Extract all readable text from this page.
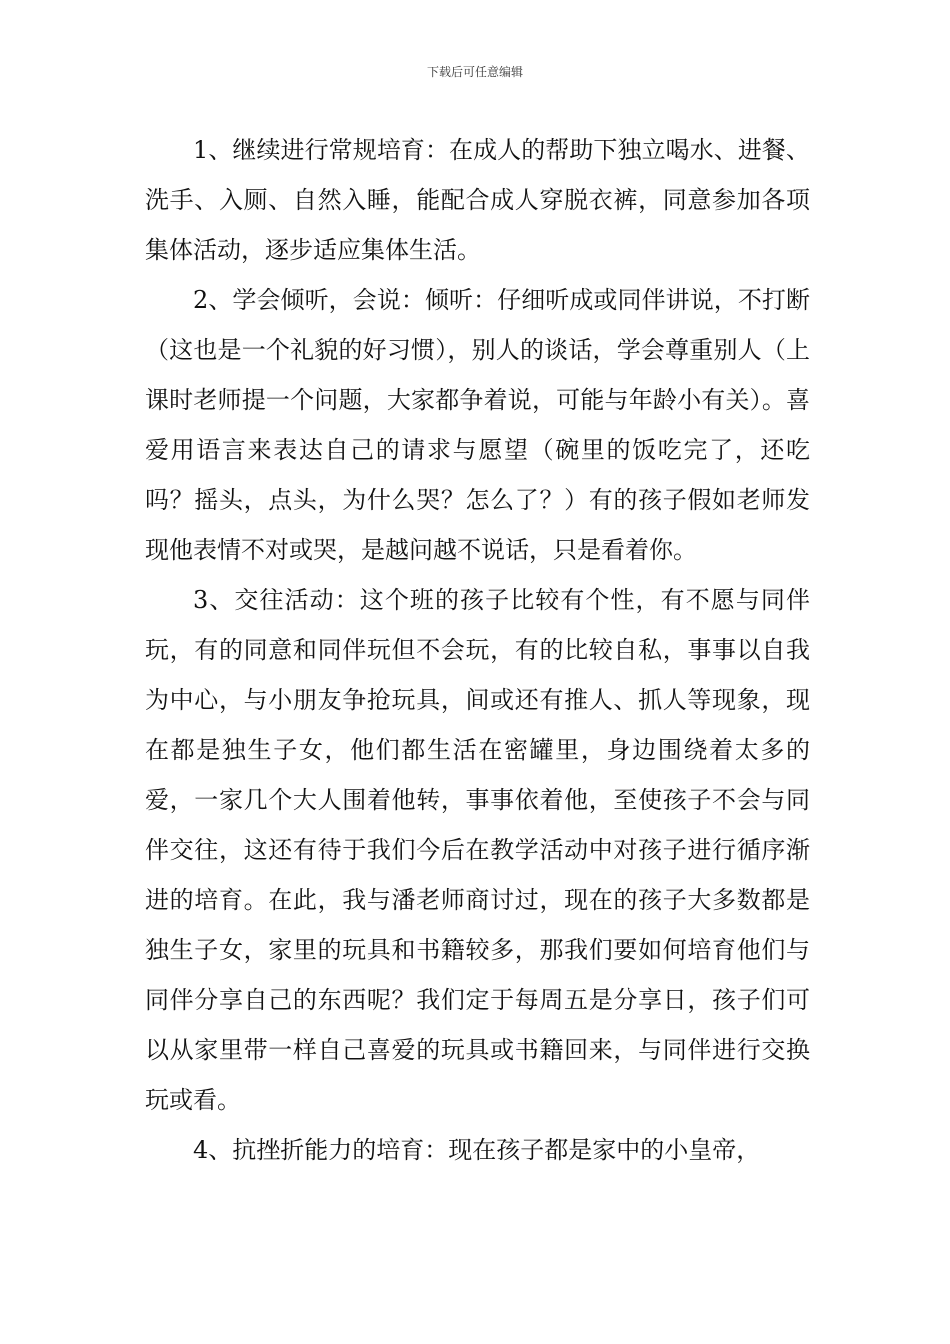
下载后可任意编辑

1、继续进行常规培育：在成人的帮助下独立喝水、进餐、洗手、入厕、自然入睡，能配合成人穿脱衣裤，同意参加各项集体活动，逐步适应集体生活。

2、学会倾听，会说：倾听：仔细听成或同伴讲说，不打断（这也是一个礼貌的好习惯），别人的谈话，学会尊重别人（上课时老师提一个问题，大家都争着说，可能与年龄小有关）。喜爱用语言来表达自己的请求与愿望（碗里的饭吃完了，还吃吗？摇头，点头，为什么哭？怎么了？）有的孩子假如老师发现他表情不对或哭，是越问越不说话，只是看着你。

3、交往活动：这个班的孩子比较有个性，有不愿与同伴玩，有的同意和同伴玩但不会玩，有的比较自私，事事以自我为中心，与小朋友争抢玩具，间或还有推人、抓人等现象，现在都是独生子女，他们都生活在密罐里，身边围绕着太多的爱，一家几个大人围着他转，事事依着他，至使孩子不会与同伴交往，这还有待于我们今后在教学活动中对孩子进行循序渐进的培育。在此，我与潘老师商讨过，现在的孩子大多数都是独生子女，家里的玩具和书籍较多，那我们要如何培育他们与同伴分享自己的东西呢？我们定于每周五是分享日，孩子们可以从家里带一样自己喜爱的玩具或书籍回来，与同伴进行交换玩或看。

4、抗挫折能力的培育：现在孩子都是家中的小皇帝，
